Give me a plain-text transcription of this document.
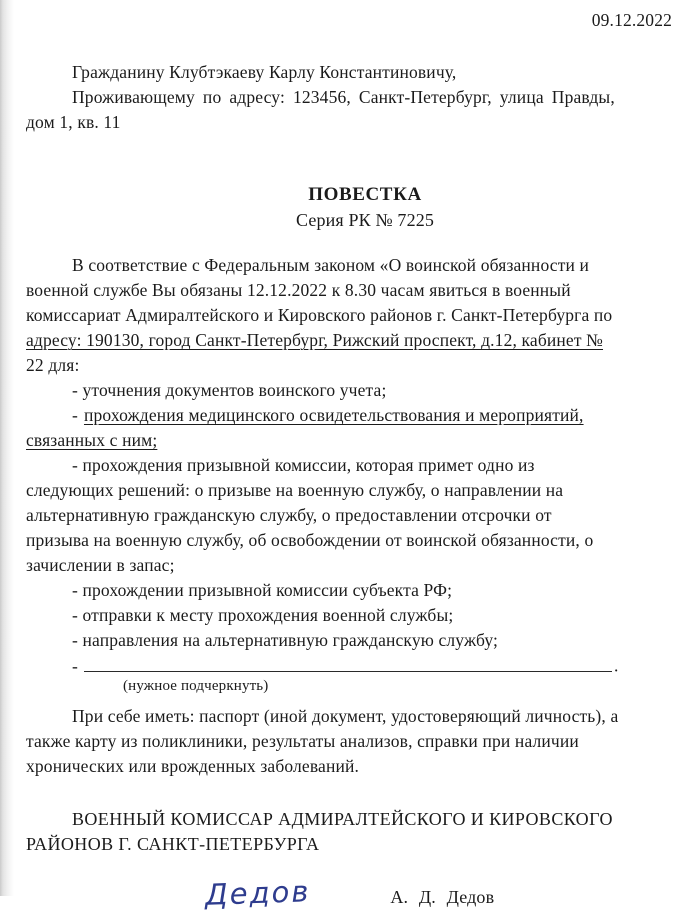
09.12.2022
Гражданину Клубтэкаеву Карлу Константиновичу,
Проживающему по адресу: 123456, Санкт-Петербург, улица Правды,
дом 1, кв. 11
ПОВЕСТКА
Серия РК № 7225
В соответствие с Федеральным законом «О воинской обязанности и
военной службе Вы обязаны 12.12.2022 к 8.30 часам явиться в военный
комиссариат Адмиралтейского и Кировского районов г. Санкт-Петербурга по
адресу: 190130, город Санкт-Петербург, Рижский проспект, д.12, кабинет №
22 для:
- уточнения документов воинского учета;
- прохождения медицинского освидетельствования и мероприятий,
связанных с ним;
- прохождения призывной комиссии, которая примет одно из
следующих решений: о призыве на военную службу, о направлении на
альтернативную гражданскую службу, о предоставлении отсрочки от
призыва на военную службу, об освобождении от воинской обязанности, о
зачислении в запас;
- прохождении призывной комиссии субъекта РФ;
- отправки к месту прохождения военной службы;
- направления на альтернативную гражданскую службу;
-	.
(нужное подчеркнуть)
При себе иметь: паспорт (иной документ, удостоверяющий личность), а
также карту из поликлиники, результаты анализов, справки при наличии
хронических или врожденных заболеваний.
ВОЕННЫЙ КОМИССАР АДМИРАЛТЕЙСКОГО И КИРОВСКОГО
РАЙОНОВ Г. САНКТ-ПЕТЕРБУРГА
Дедов	А. Д. Дедов
